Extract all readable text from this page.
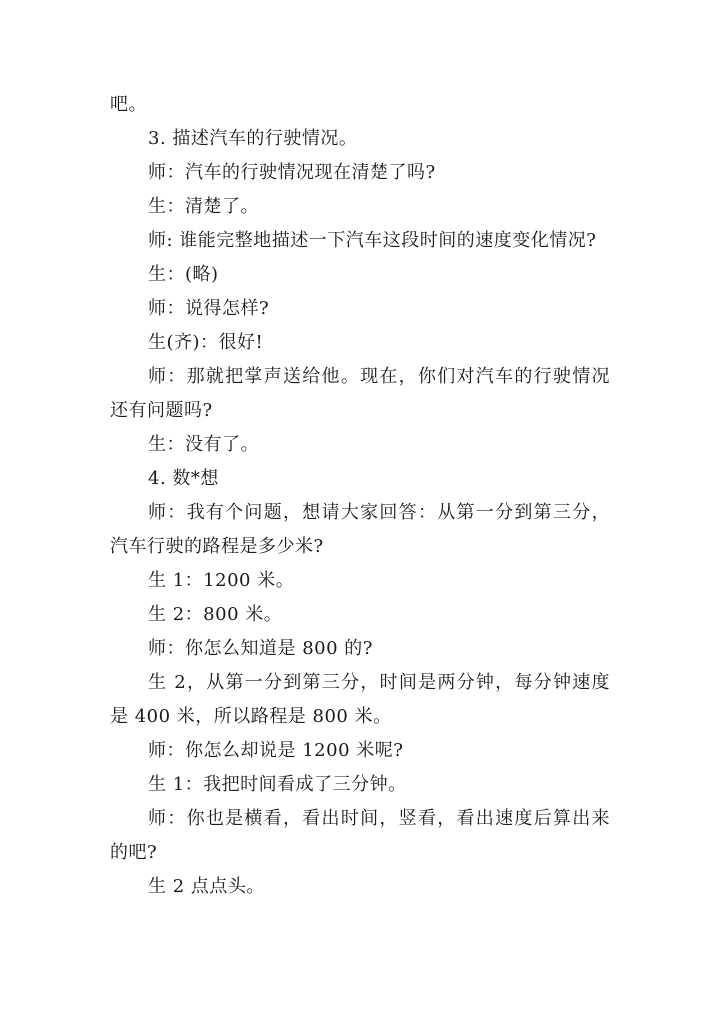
吧。

3. 描述汽车的行驶情况。

师：汽车的行驶情况现在清楚了吗?

生：清楚了。

师: 谁能完整地描述一下汽车这段时间的速度变化情况?

生：(略)

师：说得怎样?

生(齐)：很好!

师：那就把掌声送给他。现在，你们对汽车的行驶情况还有问题吗?

生：没有了。

4. 数*想

师：我有个问题，想请大家回答：从第一分到第三分，汽车行驶的路程是多少米?

生 1：1200 米。

生 2：800 米。

师：你怎么知道是 800 的?

生 2，从第一分到第三分，时间是两分钟，每分钟速度是 400 米，所以路程是 800 米。

师：你怎么却说是 1200 米呢?

生 1：我把时间看成了三分钟。

师：你也是横看，看出时间，竖看，看出速度后算出来的吧?

生 2 点点头。
